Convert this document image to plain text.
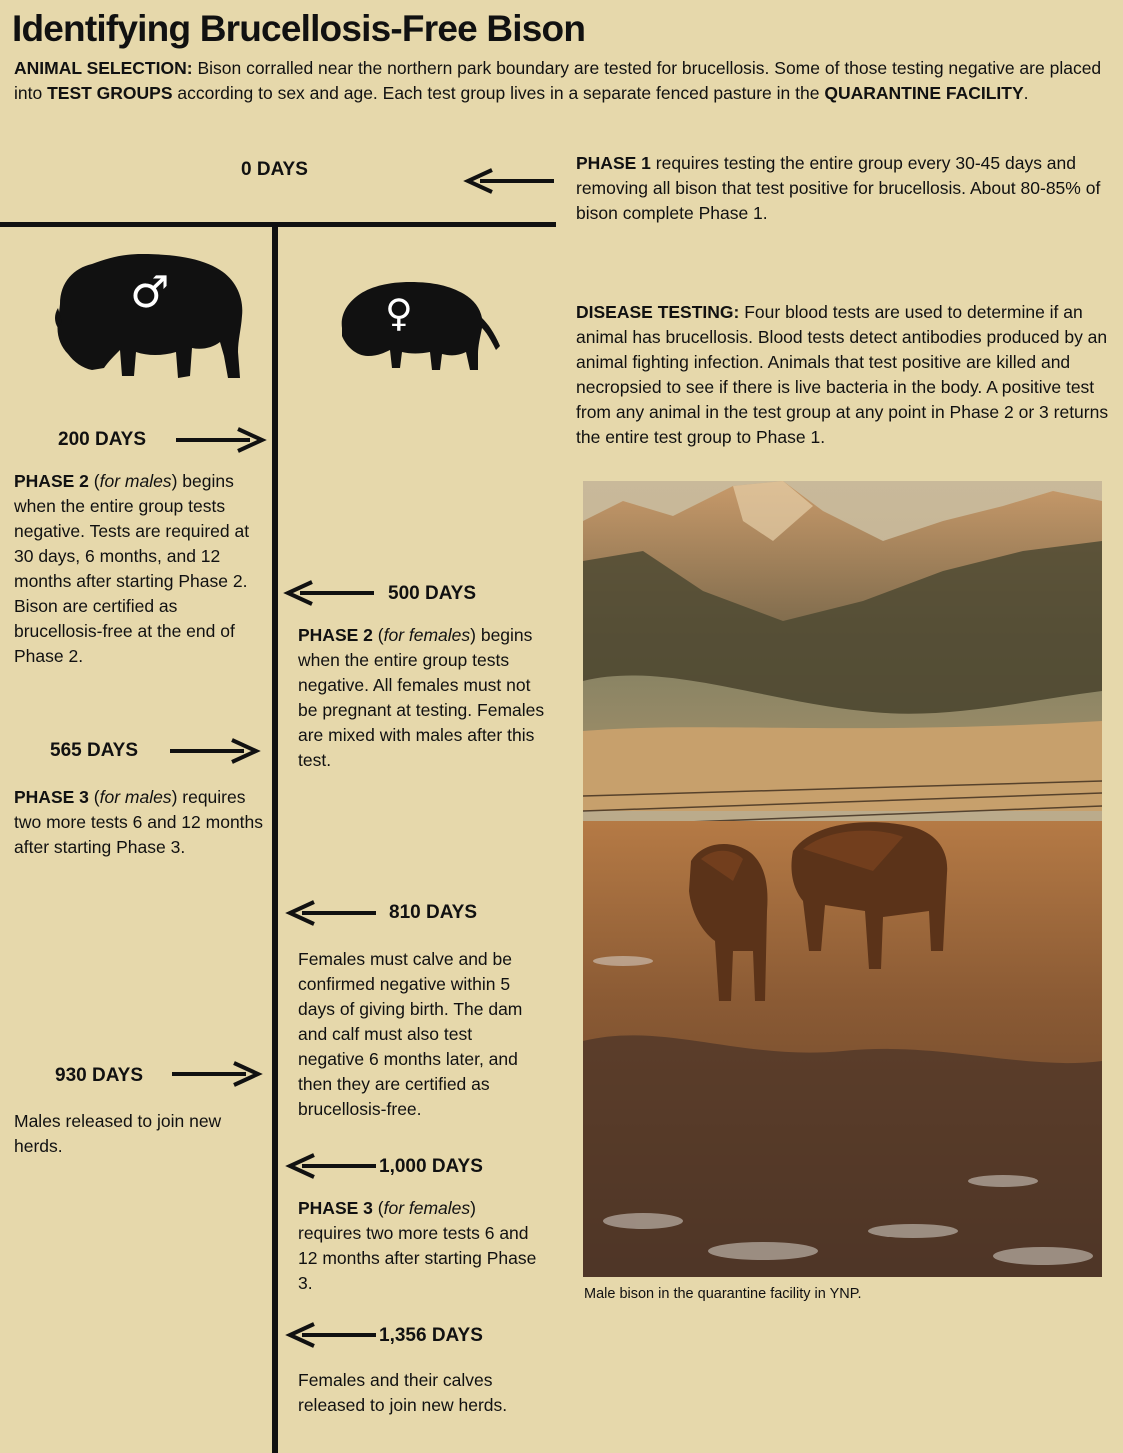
Identifying Brucellosis-Free Bison
ANIMAL SELECTION: Bison corralled near the northern park boundary are tested for brucellosis. Some of those testing negative are placed into TEST GROUPS according to sex and age. Each test group lives in a separate fenced pasture in the QUARANTINE FACILITY.
0 DAYS	PHASE 1 requires testing the entire group every 30-45 days and removing all bison that test positive for brucellosis. About 80-85% of bison complete Phase 1.
♂	♀	DISEASE TESTING: Four blood tests are used to determine if an animal has brucellosis. Blood tests detect antibodies produced by an animal fighting infection. Animals that test positive are killed and necropsied to see if there is live bacteria in the body. A positive test from any animal in the test group at any point in Phase 2 or 3 returns the entire test group to Phase 1.
200 DAYS
PHASE 2 (for males) begins when the entire group tests negative. Tests are required at 30 days, 6 months, and 12 months after starting Phase 2. Bison are certified as brucellosis-free at the end of Phase 2.
500 DAYS
PHASE 2 (for females) begins when the entire group tests negative. All females must not be pregnant at testing. Females are mixed with males after this test.
565 DAYS
PHASE 3 (for males) requires two more tests 6 and 12 months after starting Phase 3.
810 DAYS
Females must calve and be confirmed negative within 5 days of giving birth. The dam and calf must also test negative 6 months later, and then they are certified as brucellosis-free.
930 DAYS
Males released to join new herds.
1,000 DAYS
PHASE 3 (for females) requires two more tests 6 and 12 months after starting Phase 3.
1,356 DAYS
Females and their calves released to join new herds.
Male bison in the quarantine facility in YNP.
